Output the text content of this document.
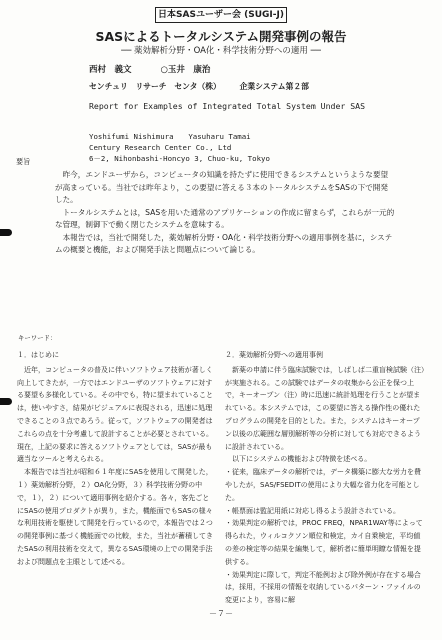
日本SASユーザー会 (SUGI-J)
SASによるトータルシステム開発事例の報告
── 薬効解析分野・OA化・科学技術分野への適用 ──
西村　義文	○玉井　康治
センチュリ　リサーチ　センタ（株） 企業システム第２部
Report for Examples of Integrated Total System Under SAS
Yoshifumi Nishimura　　Yasuharu Tamai
Century Research Center Co., Ltd
6－2, Nihonbashi-Honcyo 3, Chuo-ku, Tokyo
要旨
昨今，エンドユーザから，コンピュータの知識を持たずに使用できるシステムというような要望が高まっている。当社では昨年より，この要望に答える３本のトータルシステムをSASの下で開発した。
トータルシステムとは，SASを用いた通常のアプリケーションの作成に留まらず，これらが一元的な管理，制御下で動く閉じたシステムを意味する。
本報告では，当社で開発した，薬効解析分野・OA化・科学技術分野への適用事例を基に，システムの概要と機能，および開発手法と問題点について論じる。
キーワード：

１．はじめに

近年，コンピュータの普及に伴いソフトウェア技術が著しく向上してきたが，一方ではエンドユーザのソフトウェアに対する要望も多様化している。その中でも，特に望まれていることは，使いやすさ，結果がビジュアルに表現される，迅速に処理できることの３点であろう。従って，ソフトウェアの開発者はこれらの点を十分考慮して設計することが必要とされている。現在，上記の要求に答えるソフトウェアとしては，SASが最も適当なツールと考えられる。

本報告では当社が昭和６１年度にSASを使用して開発した，１）薬効解析分野，２）OA化分野，３）科学技術分野の中で，１），２）について適用事例を紹介する。各々，客先ごとにSASの使用プロダクトが異り，また，機能面でもSASの様々な利用技術を駆使して開発を行っているので，本報告では２つの開発事例に基づく機能面での比較，また，当社が蓄積してきたSASの利用技術を交えて，異なるSAS環境の上での開発手法および問題点を主眼として述べる。

２．薬効解析分野への適用事例

新薬の申請に伴う臨床試験では，しばしば二重盲検試験（注）が実施される。この試験ではデータの収集から公正を保つ上で，キーオープン（注）時に迅速に統計処理を行うことが望まれている。本システムでは，この要望に答える操作性の優れたプログラムの開発を目的とした。また，システムはキーオープン以後の広範囲な層別解析等の分析に対しても対応できるように設計されている。

以下にシステムの機能および特徴を述べる。

・従来，臨床データの解析では，データ構築に膨大な労力を費やしたが，SAS/FSEDITの使用により大幅な省力化を可能とした。

・帳票面は監記用紙に対応し得るよう設計されている。

・効果判定の解析では，PROC FREQ，NPAR1WAY等によって得られた，ウィルコクソン順位和検定，カイ自乗検定，平均値の差の検定等の結果を編集して，解析者に簡単明瞭な情報を提供する。

・効果判定に際して，判定不能例および除外例が存在する場合は，採用，不採用の情報を収納しているパターン・ファイルの変更により，容易に解

－７－
